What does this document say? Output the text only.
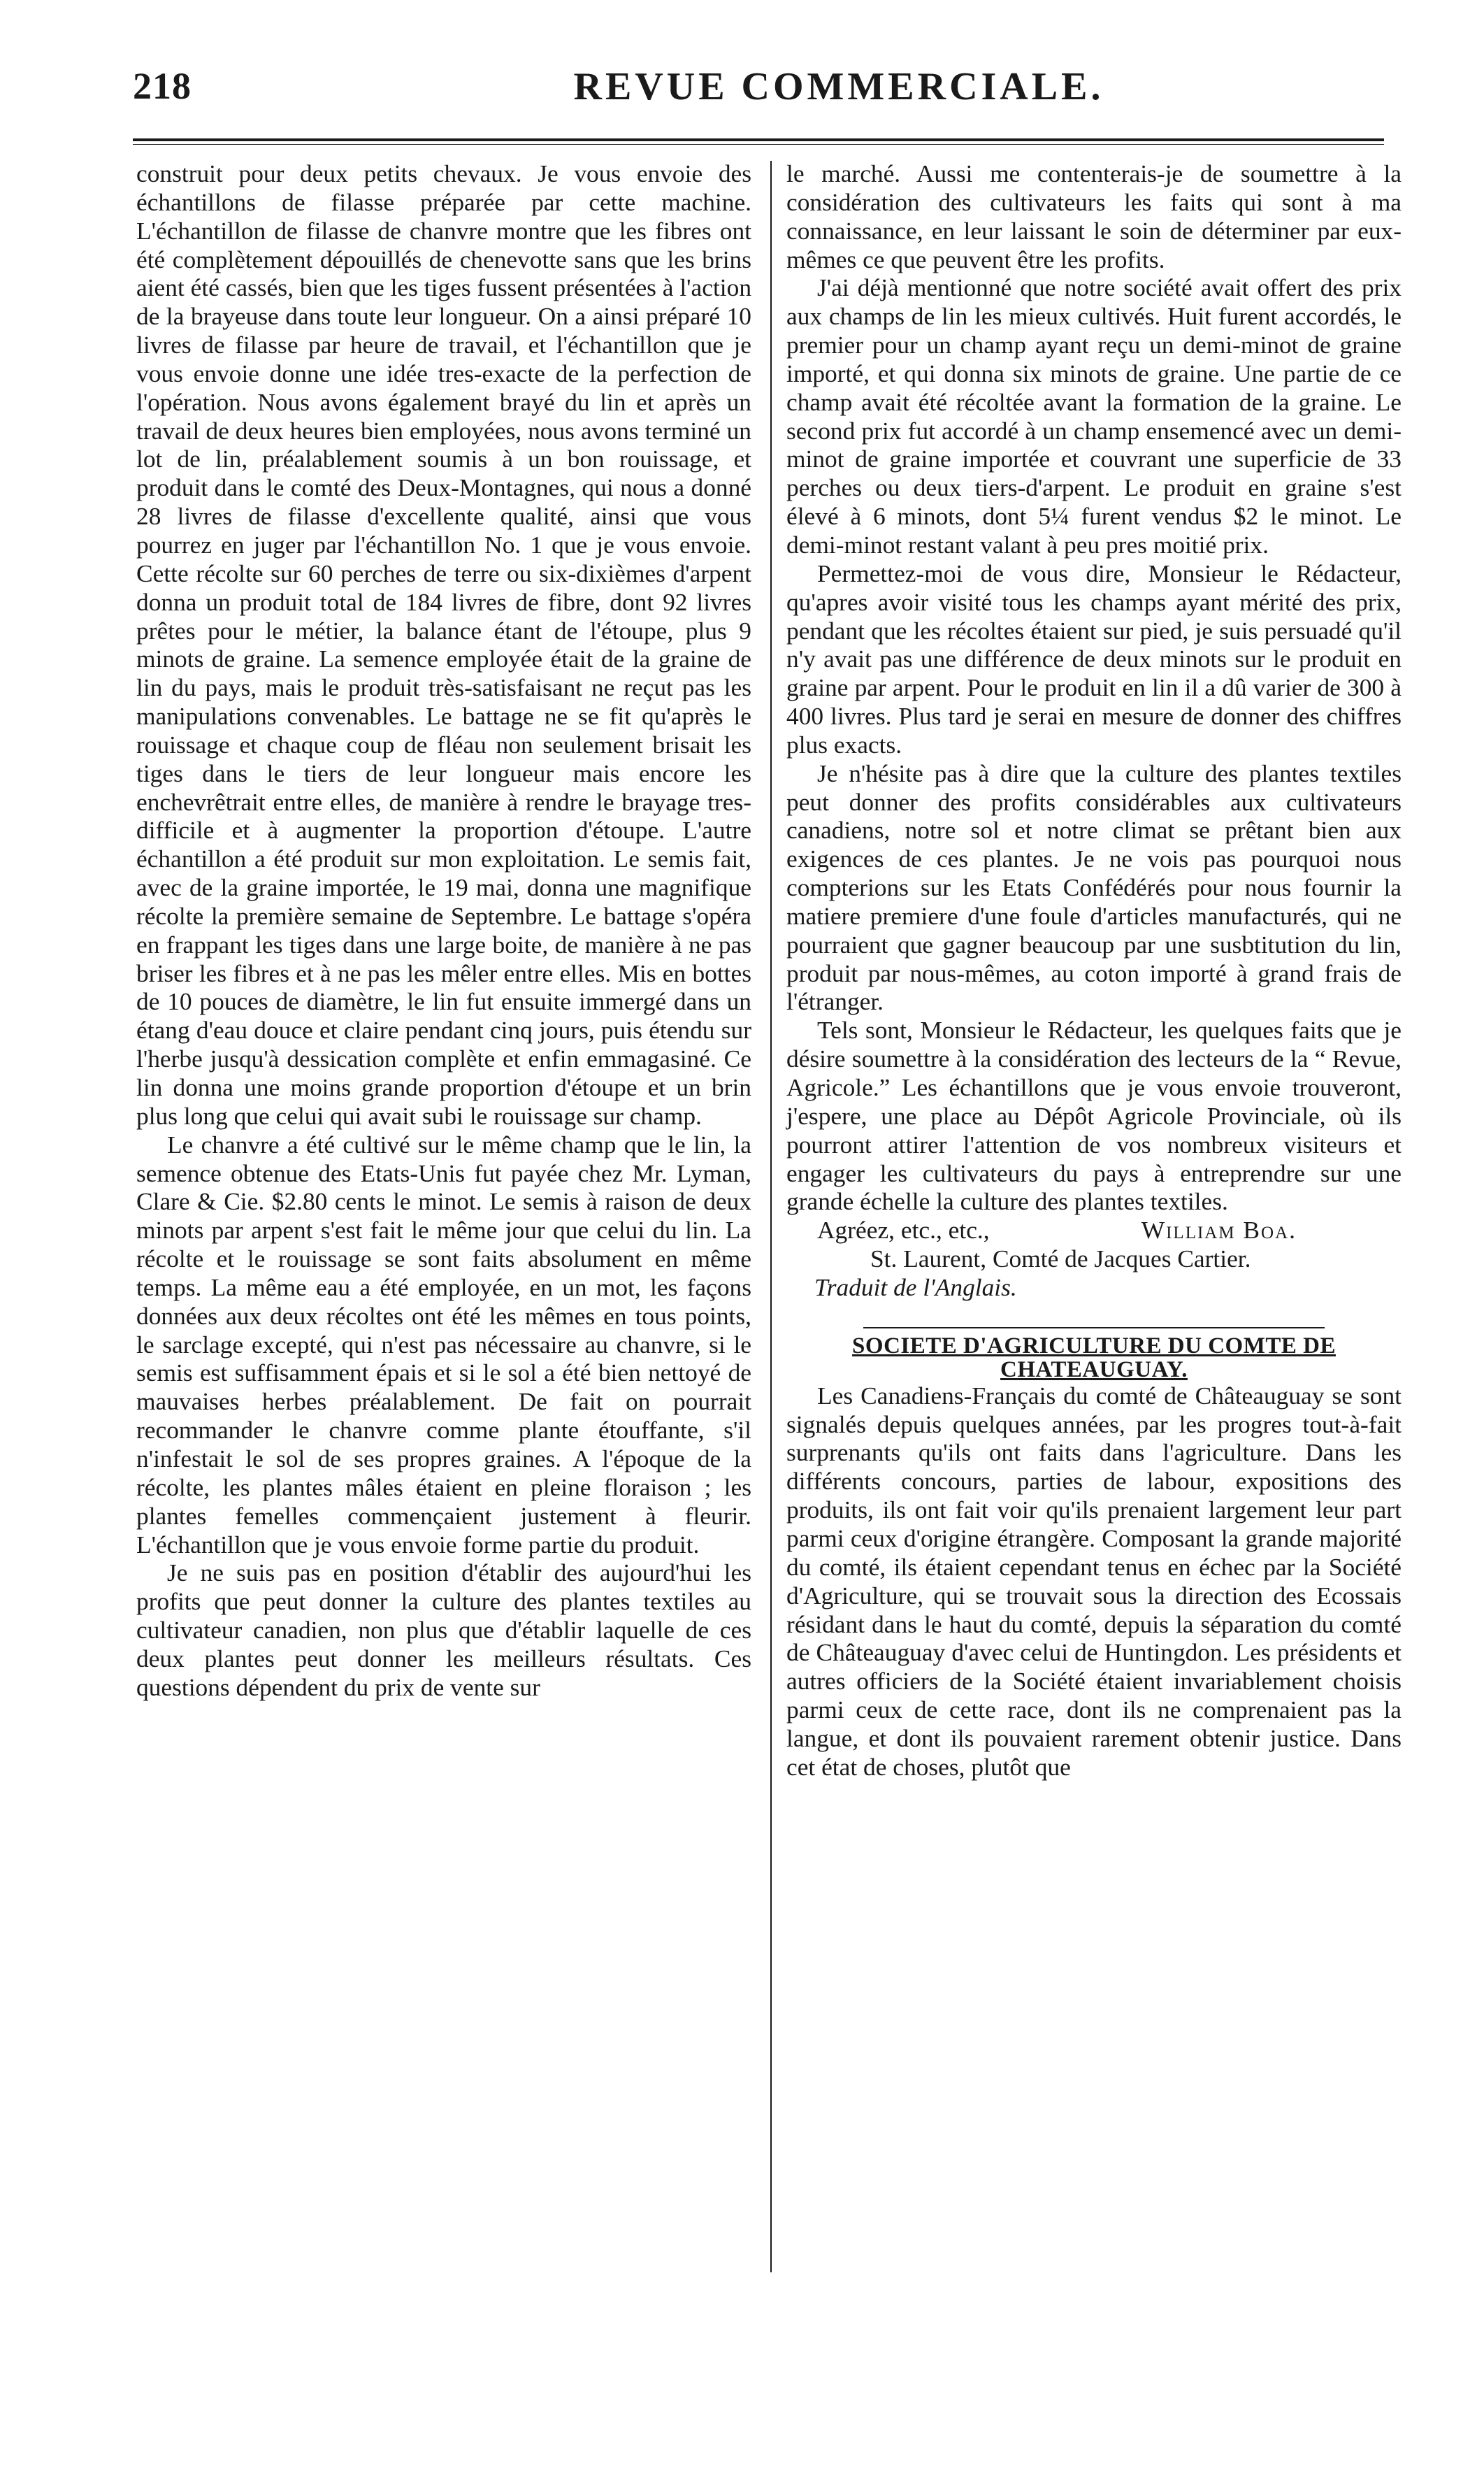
218	REVUE COMMERCIALE.

construit pour deux petits chevaux. Je vous envoie des échantillons de filasse préparée par cette machine. L'échantillon de filasse de chanvre montre que les fibres ont été complètement dépouillés de chenevotte sans que les brins aient été cassés, bien que les tiges fussent présentées à l'action de la brayeuse dans toute leur longueur. On a ainsi préparé 10 livres de filasse par heure de travail, et l'échantillon que je vous envoie donne une idée tres-exacte de la perfection de l'opération. Nous avons également brayé du lin et après un travail de deux heures bien employées, nous avons terminé un lot de lin, préalablement soumis à un bon rouissage, et produit dans le comté des Deux-Montagnes, qui nous a donné 28 livres de filasse d'excellente qualité, ainsi que vous pourrez en juger par l'échantillon No. 1 que je vous envoie. Cette récolte sur 60 perches de terre ou six-dixièmes d'arpent donna un produit total de 184 livres de fibre, dont 92 livres prêtes pour le métier, la balance étant de l'étoupe, plus 9 minots de graine. La semence employée était de la graine de lin du pays, mais le produit très-satisfaisant ne reçut pas les manipulations convenables. Le battage ne se fit qu'après le rouissage et chaque coup de fléau non seulement brisait les tiges dans le tiers de leur longueur mais encore les enchevrêtrait entre elles, de manière à rendre le brayage tres-difficile et à augmenter la proportion d'étoupe. L'autre échantillon a été produit sur mon exploitation. Le semis fait, avec de la graine importée, le 19 mai, donna une magnifique récolte la première semaine de Septembre. Le battage s'opéra en frappant les tiges dans une large boite, de manière à ne pas briser les fibres et à ne pas les mêler entre elles. Mis en bottes de 10 pouces de diamètre, le lin fut ensuite immergé dans un étang d'eau douce et claire pendant cinq jours, puis étendu sur l'herbe jusqu'à dessication complète et enfin emmagasiné. Ce lin donna une moins grande proportion d'étoupe et un brin plus long que celui qui avait subi le rouissage sur champ.

Le chanvre a été cultivé sur le même champ que le lin, la semence obtenue des Etats-Unis fut payée chez Mr. Lyman, Clare & Cie. $2.80 cents le minot. Le semis à raison de deux minots par arpent s'est fait le même jour que celui du lin. La récolte et le rouissage se sont faits absolument en même temps. La même eau a été employée, en un mot, les façons données aux deux récoltes ont été les mêmes en tous points, le sarclage excepté, qui n'est pas nécessaire au chanvre, si le semis est suffisamment épais et si le sol a été bien nettoyé de mauvaises herbes préalablement. De fait on pourrait recommander le chanvre comme plante étouffante, s'il n'infestait le sol de ses propres graines. A l'époque de la récolte, les plantes mâles étaient en pleine floraison ; les plantes femelles commençaient justement à fleurir. L'échantillon que je vous envoie forme partie du produit.

Je ne suis pas en position d'établir des aujourd'hui les profits que peut donner la culture des plantes textiles au cultivateur canadien, non plus que d'établir laquelle de ces deux plantes peut donner les meilleurs résultats. Ces questions dépendent du prix de vente sur

le marché. Aussi me contenterais-je de soumettre à la considération des cultivateurs les faits qui sont à ma connaissance, en leur laissant le soin de déterminer par eux-mêmes ce que peuvent être les profits.

J'ai déjà mentionné que notre société avait offert des prix aux champs de lin les mieux cultivés. Huit furent accordés, le premier pour un champ ayant reçu un demi-minot de graine importé, et qui donna six minots de graine. Une partie de ce champ avait été récoltée avant la formation de la graine. Le second prix fut accordé à un champ ensemencé avec un demi-minot de graine importée et couvrant une superficie de 33 perches ou deux tiers-d'arpent. Le produit en graine s'est élevé à 6 minots, dont 5¼ furent vendus $2 le minot. Le demi-minot restant valant à peu pres moitié prix.

Permettez-moi de vous dire, Monsieur le Rédacteur, qu'apres avoir visité tous les champs ayant mérité des prix, pendant que les récoltes étaient sur pied, je suis persuadé qu'il n'y avait pas une différence de deux minots sur le produit en graine par arpent. Pour le produit en lin il a dû varier de 300 à 400 livres. Plus tard je serai en mesure de donner des chiffres plus exacts.

Je n'hésite pas à dire que la culture des plantes textiles peut donner des profits considérables aux cultivateurs canadiens, notre sol et notre climat se prêtant bien aux exigences de ces plantes. Je ne vois pas pourquoi nous compterions sur les Etats Confédérés pour nous fournir la matiere premiere d'une foule d'articles manufacturés, qui ne pourraient que gagner beaucoup par une susbtitution du lin, produit par nous-mêmes, au coton importé à grand frais de l'étranger.

Tels sont, Monsieur le Rédacteur, les quelques faits que je désire soumettre à la considération des lecteurs de la “ Revue, Agricole.” Les échantillons que je vous envoie trouveront, j'espere, une place au Dépôt Agricole Provinciale, où ils pourront attirer l'attention de vos nombreux visiteurs et engager les cultivateurs du pays à entreprendre sur une grande échelle la culture des plantes textiles.

Agréez, etc., etc.,	William Boa.

St. Laurent, Comté de Jacques Cartier.

Traduit de l'Anglais.

SOCIETE D'AGRICULTURE DU COMTE DE CHATEAUGUAY.

Les Canadiens-Français du comté de Châteauguay se sont signalés depuis quelques années, par les progres tout-à-fait surprenants qu'ils ont faits dans l'agriculture. Dans les différents concours, parties de labour, expositions des produits, ils ont fait voir qu'ils prenaient largement leur part parmi ceux d'origine étrangère. Composant la grande majorité du comté, ils étaient cependant tenus en échec par la Société d'Agriculture, qui se trouvait sous la direction des Ecossais résidant dans le haut du comté, depuis la séparation du comté de Châteauguay d'avec celui de Huntingdon. Les présidents et autres officiers de la Société étaient invariablement choisis parmi ceux de cette race, dont ils ne comprenaient pas la langue, et dont ils pouvaient rarement obtenir justice. Dans cet état de choses, plutôt que
